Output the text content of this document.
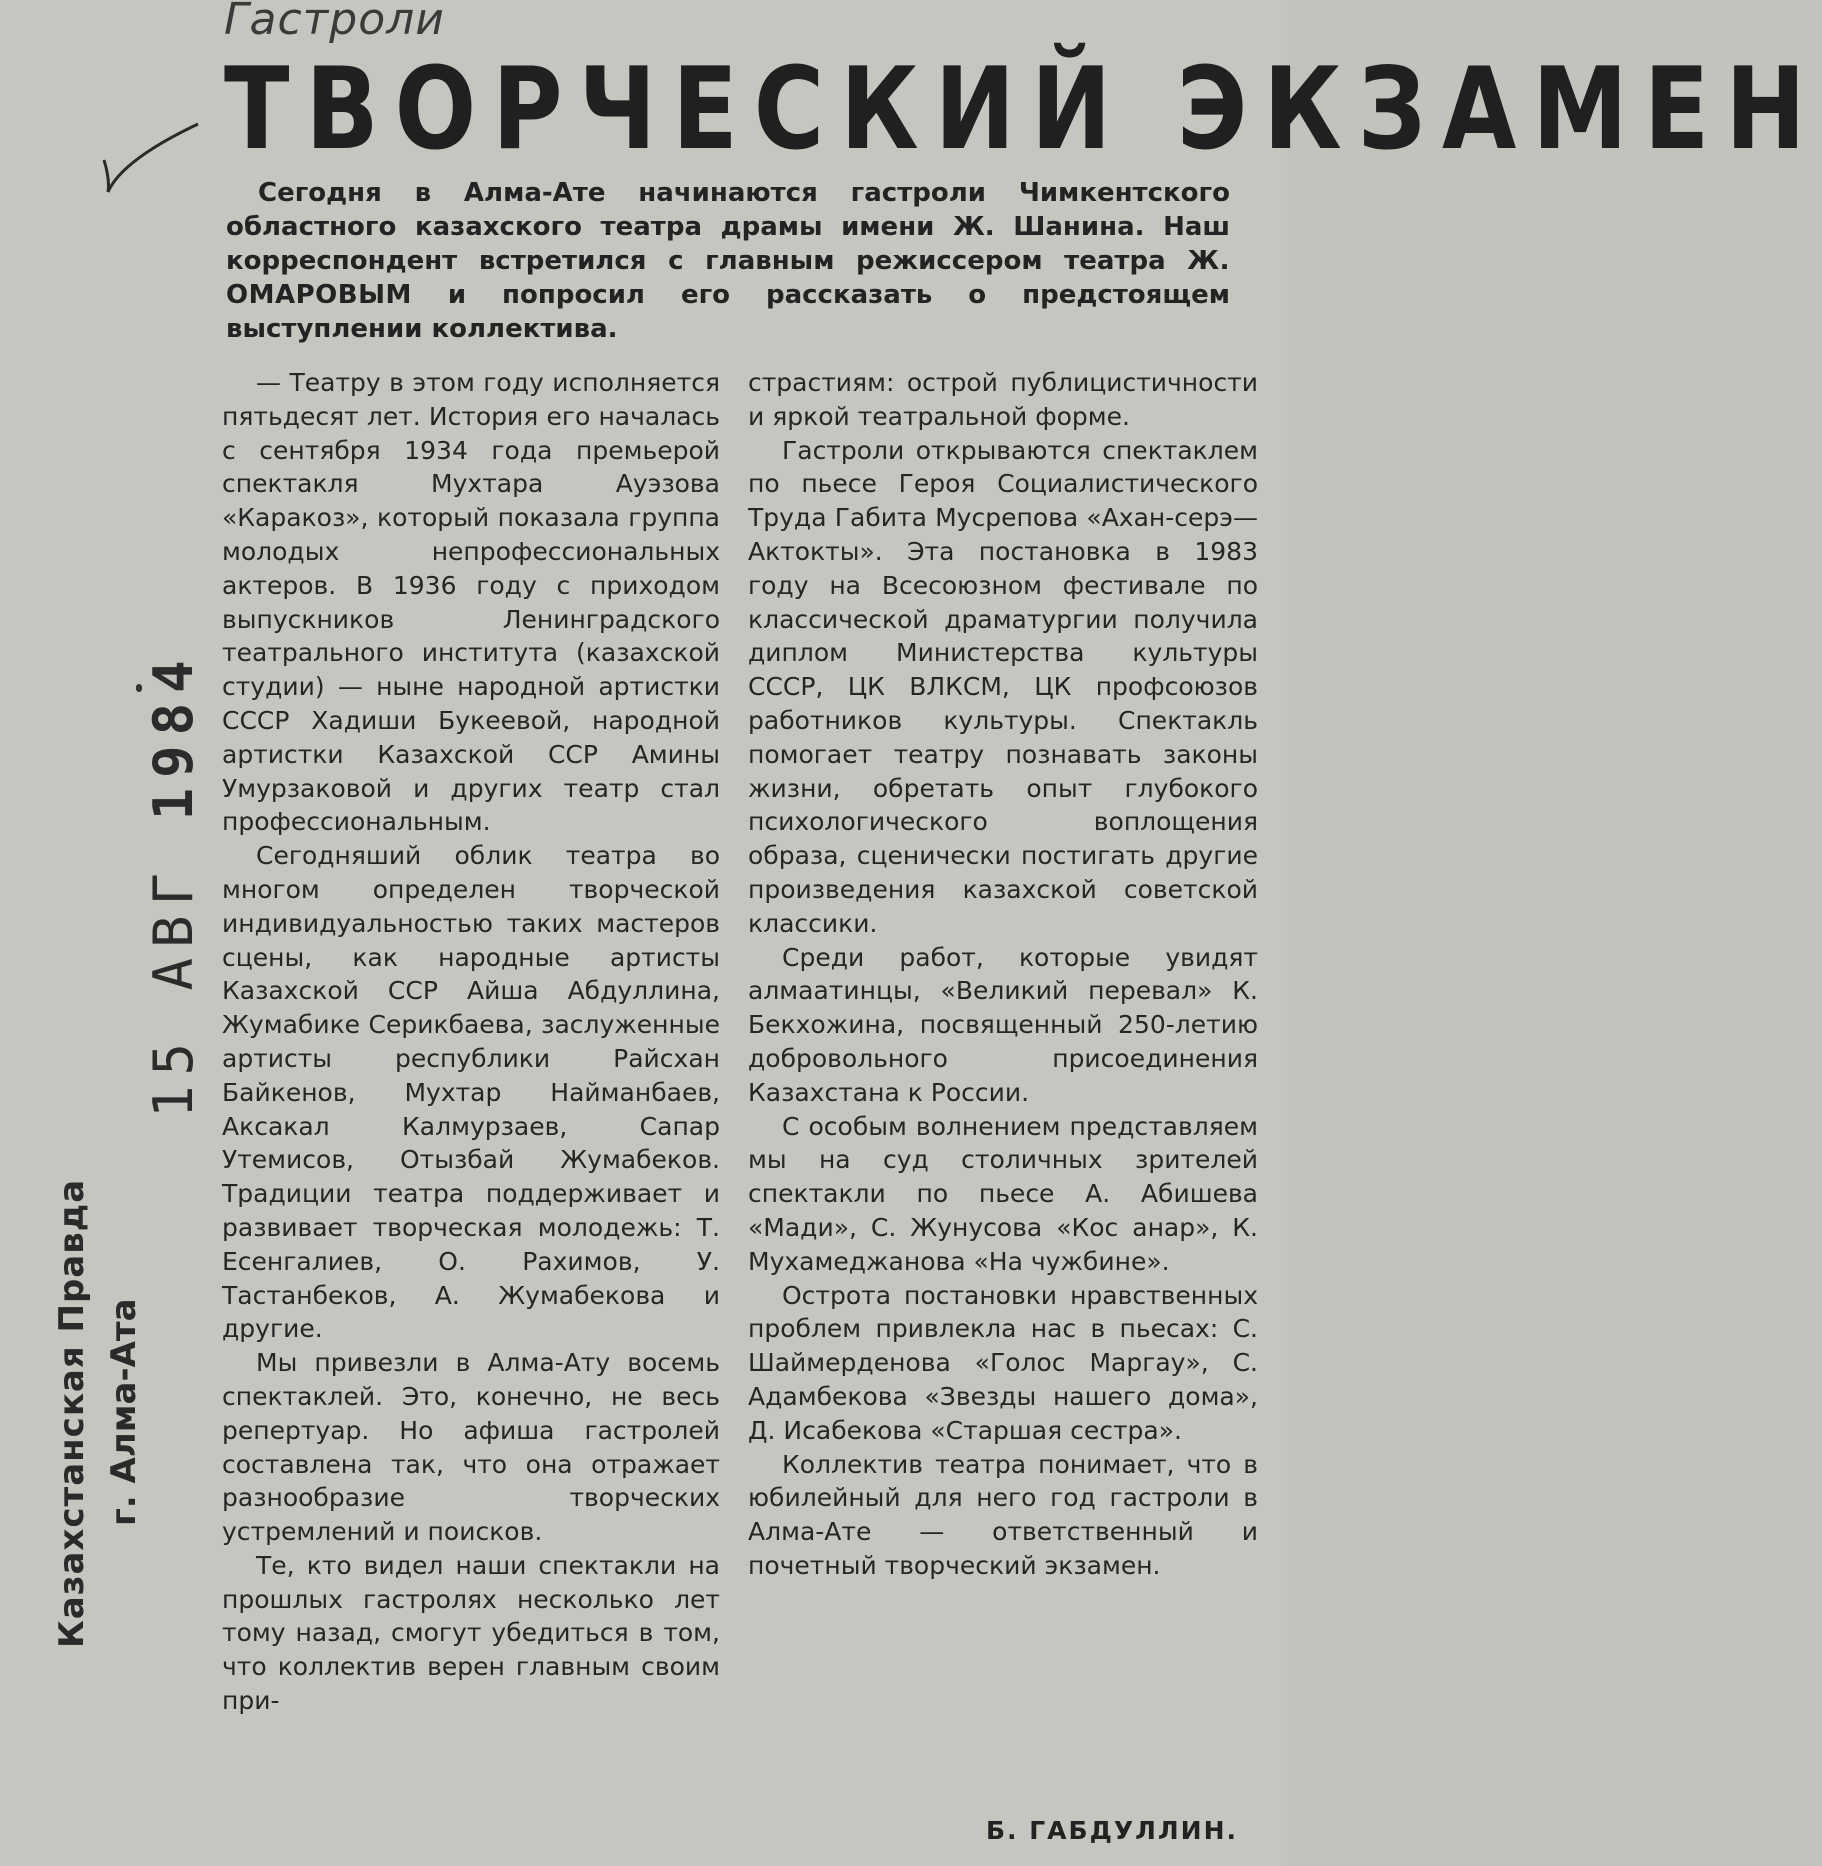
Гастроли
ТВОРЧЕСКИЙ ЭКЗАМЕН
Сегодня в Алма-Ате начинаются гастроли Чимкентского областного казахского театра драмы имени Ж. Шанина. Наш корреспондент встретился с главным режиссером театра Ж. ОМАРОВЫМ и попросил его рассказать о предстоящем выступлении коллектива.

— Театру в этом году исполняется пятьдесят лет. История его началась с сентября 1934 года премьерой спектакля Мухтара Ауэзова «Каракоз», который показала группа молодых непрофессиональных актеров. В 1936 году с приходом выпускников Ленинградского театрального института (казахской студии) — ныне народной артистки СССР Хадиши Букеевой, народной артистки Казахской ССР Амины Умурзаковой и других театр стал профессиональным.

Сегодняший облик театра во многом определен творческой индивидуальностью таких мастеров сцены, как народные артисты Казахской ССР Айша Абдуллина, Жумабике Серикбаева, заслуженные артисты республики Райсхан Байкенов, Мухтар Найманбаев, Аксакал Калмурзаев, Сапар Утемисов, Отызбай Жумабеков. Традиции театра поддерживает и развивает творческая молодежь: Т. Есенгалиев, О. Рахимов, У. Тастанбеков, А. Жумабекова и другие.

Мы привезли в Алма-Ату восемь спектаклей. Это, конечно, не весь репертуар. Но афиша гастролей составлена так, что она отражает разнообразие творческих устремлений и поисков.

Те, кто видел наши спектакли на прошлых гастролях несколько лет тому назад, смогут убедиться в том, что коллектив верен главным своим при-

страстиям: острой публицистичности и яркой театральной форме.

Гастроли открываются спектаклем по пьесе Героя Социалистического Труда Габита Мусрепова «Ахан-серэ—Актокты». Эта постановка в 1983 году на Всесоюзном фестивале по классической драматургии получила диплом Министерства культуры СССР, ЦК ВЛКСМ, ЦК профсоюзов работников культуры. Спектакль помогает театру познавать законы жизни, обретать опыт глубокого психологического воплощения образа, сценически постигать другие произведения казахской советской классики.

Среди работ, которые увидят алмаатинцы, «Великий перевал» К. Бекхожина, посвященный 250-летию добровольного присоединения Казахстана к России.

С особым волнением представляем мы на суд столичных зрителей спектакли по пьесе А. Абишева «Мади», С. Жунусова «Кос анар», К. Мухамеджанова «На чужбине».

Острота постановки нравственных проблем привлекла нас в пьесах: С. Шаймерденова «Голос Маргау», С. Адамбекова «Звезды нашего дома», Д. Исабекова «Старшая сестра».

Коллектив театра понимает, что в юбилейный для него год гастроли в Алма-Ате — ответственный и почетный творческий экзамен.

Б. ГАБДУЛЛИН.
15 АВГ 1984
Казахстанская Правда г. Алма-Ата
